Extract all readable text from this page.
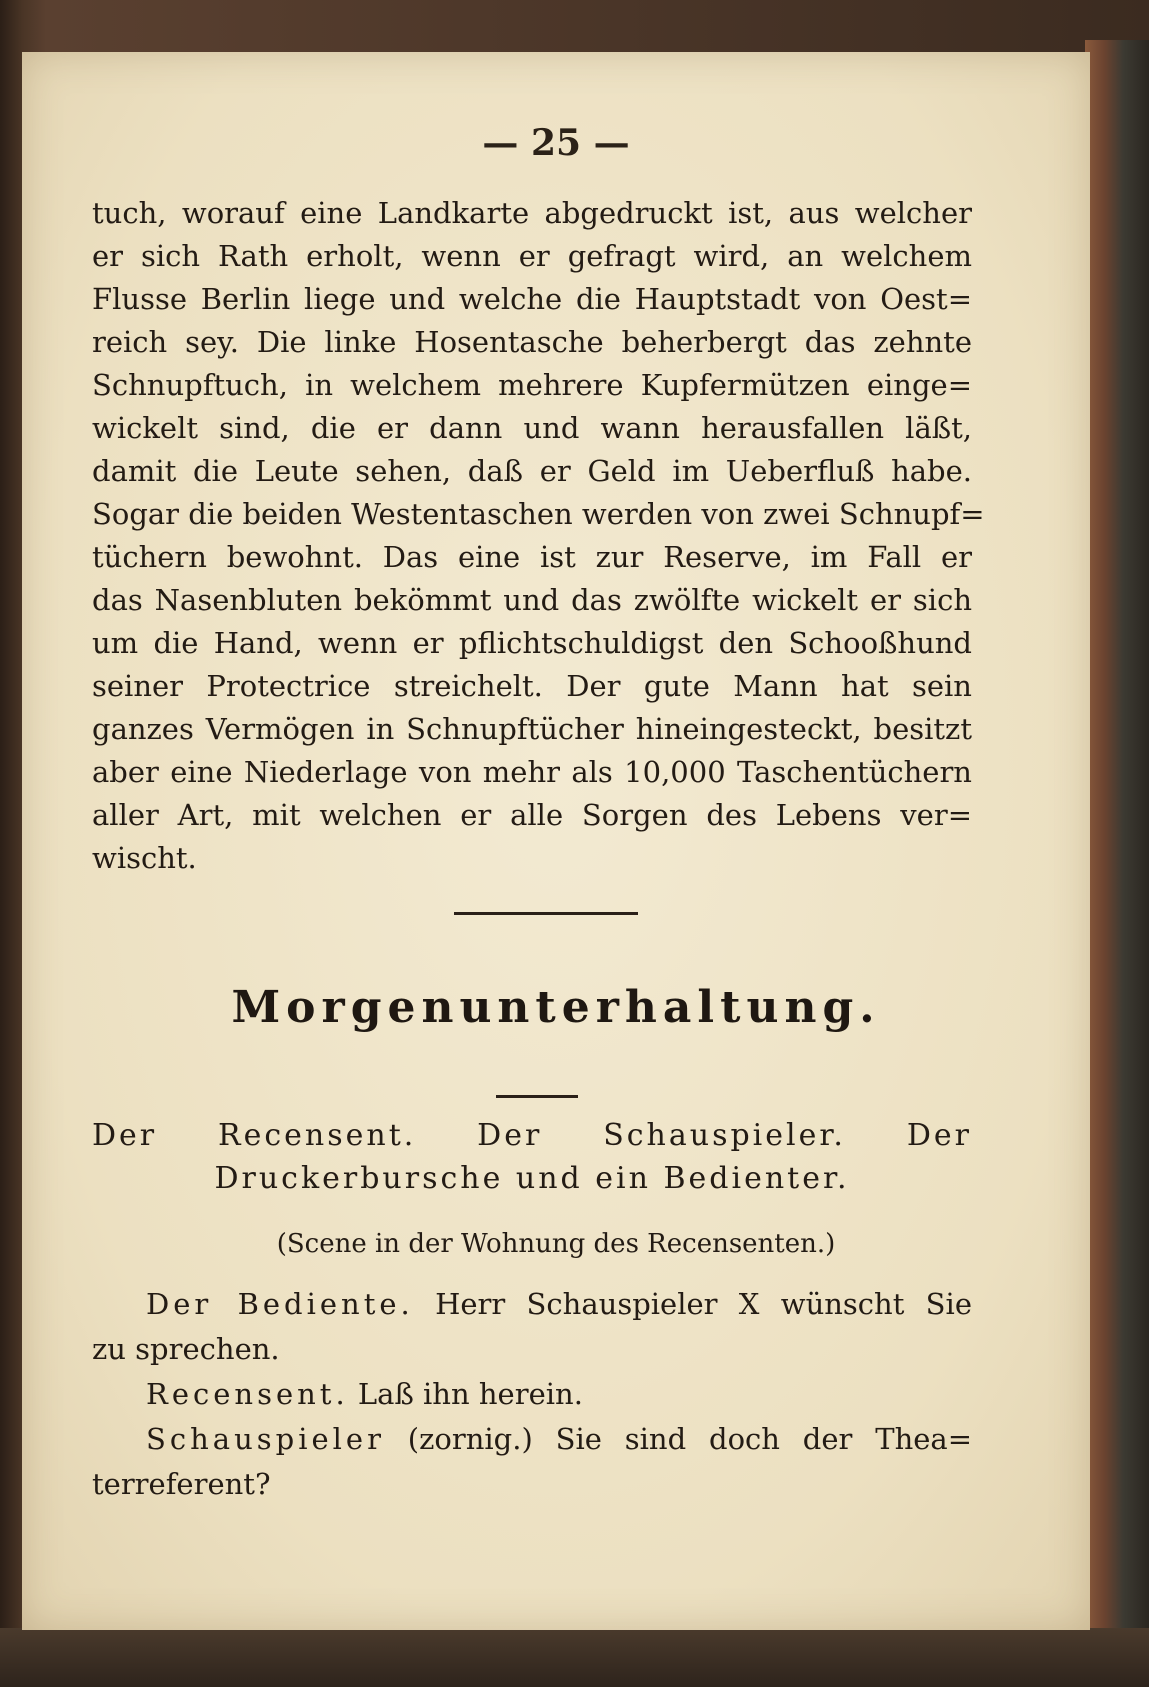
— 25 —
tuch, worauf eine Landkarte abgedruckt ist, aus welcher
er sich Rath erholt, wenn er gefragt wird, an welchem
Flusse Berlin liege und welche die Hauptstadt von Oest=
reich sey. Die linke Hosentasche beherbergt das zehnte
Schnupftuch, in welchem mehrere Kupfermützen einge=
wickelt sind, die er dann und wann herausfallen läßt,
damit die Leute sehen, daß er Geld im Ueberfluß habe.
Sogar die beiden Westentaschen werden von zwei Schnupf=
tüchern bewohnt. Das eine ist zur Reserve, im Fall er
das Nasenbluten bekömmt und das zwölfte wickelt er sich
um die Hand, wenn er pflichtschuldigst den Schooßhund
seiner Protectrice streichelt. Der gute Mann hat sein
ganzes Vermögen in Schnupftücher hineingesteckt, besitzt
aber eine Niederlage von mehr als 10,000 Taschentüchern
aller Art, mit welchen er alle Sorgen des Lebens ver=
wischt.
Morgenunterhaltung.
Der Recensent. Der Schauspieler. Der
Druckerbursche und ein Bedienter.
(Scene in der Wohnung des Recensenten.)
Der Bediente. Herr Schauspieler X wünscht Sie
zu sprechen.
Recensent. Laß ihn herein.
Schauspieler (zornig.) Sie sind doch der Thea=
terreferent?
